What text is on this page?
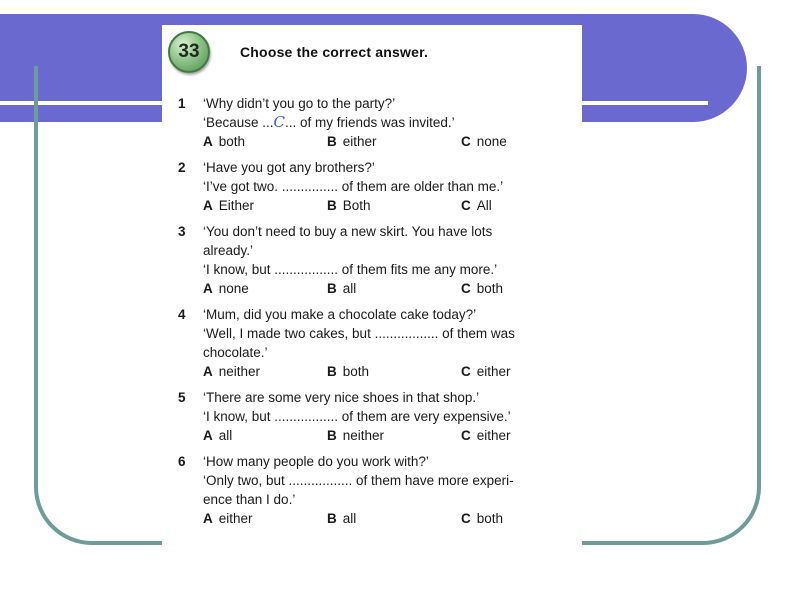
33	Choose the correct answer.
1 ‘Why didn’t you go to the party?’
‘Because ...C... of my friends was invited.’
A both	B either	C none
2 ‘Have you got any brothers?’
‘I’ve got two. ............... of them are older than me.’
A Either	B Both	C All
3 ‘You don’t need to buy a new skirt. You have lots
already.’
‘I know, but ................. of them fits me any more.’
A none	B all	C both
4 ‘Mum, did you make a chocolate cake today?’
‘Well, I made two cakes, but ................. of them was
chocolate.’
A neither	B both	C either
5 ‘There are some very nice shoes in that shop.’
‘I know, but ................. of them are very expensive.’
A all	B neither	C either
6 ‘How many people do you work with?’
‘Only two, but ................. of them have more experi-
ence than I do.’
A either	B all	C both
